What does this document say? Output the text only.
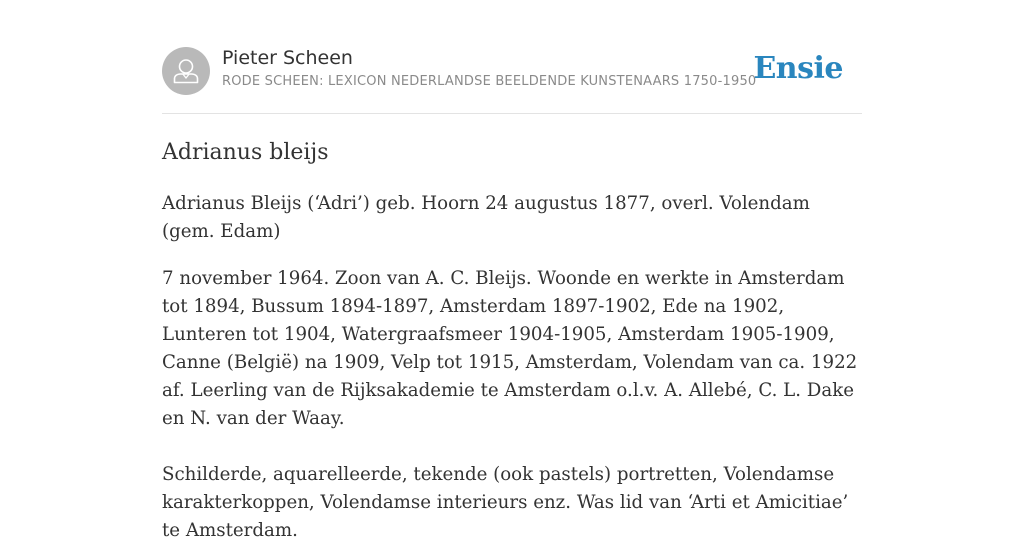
Pieter Scheen
RODE SCHEEN: LEXICON NEDERLANDSE BEELDENDE KUNSTENAARS 1750-1950
Ensie
Adrianus bleijs

Adrianus Bleijs (‘Adri’) geb. Hoorn 24 augustus 1877, overl. Volendam (gem. Edam)

7 november 1964. Zoon van A. C. Bleijs. Woonde en werkte in Amsterdam tot 1894, Bussum 1894-1897, Amsterdam 1897-1902, Ede na 1902, Lunteren tot 1904, Watergraafsmeer 1904-1905, Amsterdam 1905-1909, Canne (België) na 1909, Velp tot 1915, Amsterdam, Volendam van ca. 1922 af. Leerling van de Rijksakademie te Amsterdam o.l.v. A. Allebé, C. L. Dake en N. van der Waay.

Schilderde, aquarelleerde, tekende (ook pastels) portretten, Volendamse karakterkoppen, Volendamse interieurs enz. Was lid van ‘Arti et Amicitiae’ te Amsterdam.
